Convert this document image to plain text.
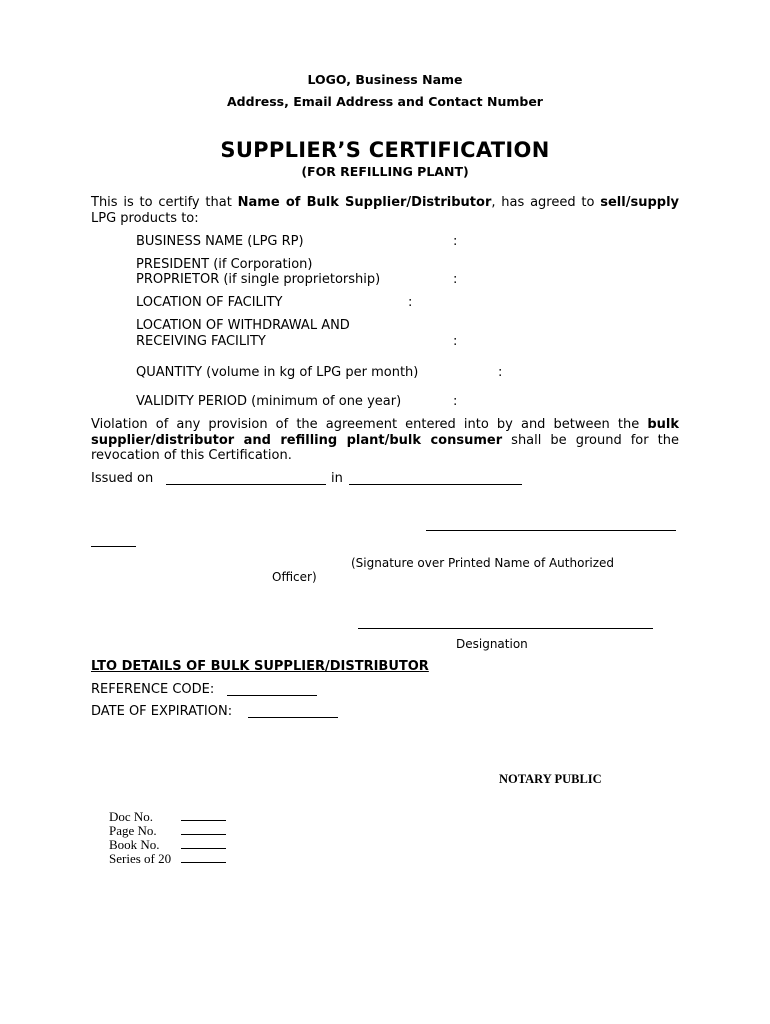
LOGO, Business Name
Address, Email Address and Contact Number
SUPPLIER’S CERTIFICATION
(FOR REFILLING PLANT)
This is to certify that Name of Bulk Supplier/Distributor, has agreed to sell/supply LPG products to:
BUSINESS NAME (LPG RP)	:
PRESIDENT (if Corporation)
PROPRIETOR (if single proprietorship)	:
LOCATION OF FACILITY	:
LOCATION OF WITHDRAWAL AND
RECEIVING FACILITY	:
QUANTITY (volume in kg of LPG per month)	:
VALIDITY PERIOD (minimum of one year)	:
Violation of any provision of the agreement entered into by and between the bulk supplier/distributor and refilling plant/bulk consumer shall be ground for the revocation of this Certification.
Issued on	in
(Signature over Printed Name of Authorized
Officer)
Designation
LTO DETAILS OF BULK SUPPLIER/DISTRIBUTOR
REFERENCE CODE:
DATE OF EXPIRATION:
NOTARY PUBLIC
Doc No.
Page No.
Book No.
Series of 20
